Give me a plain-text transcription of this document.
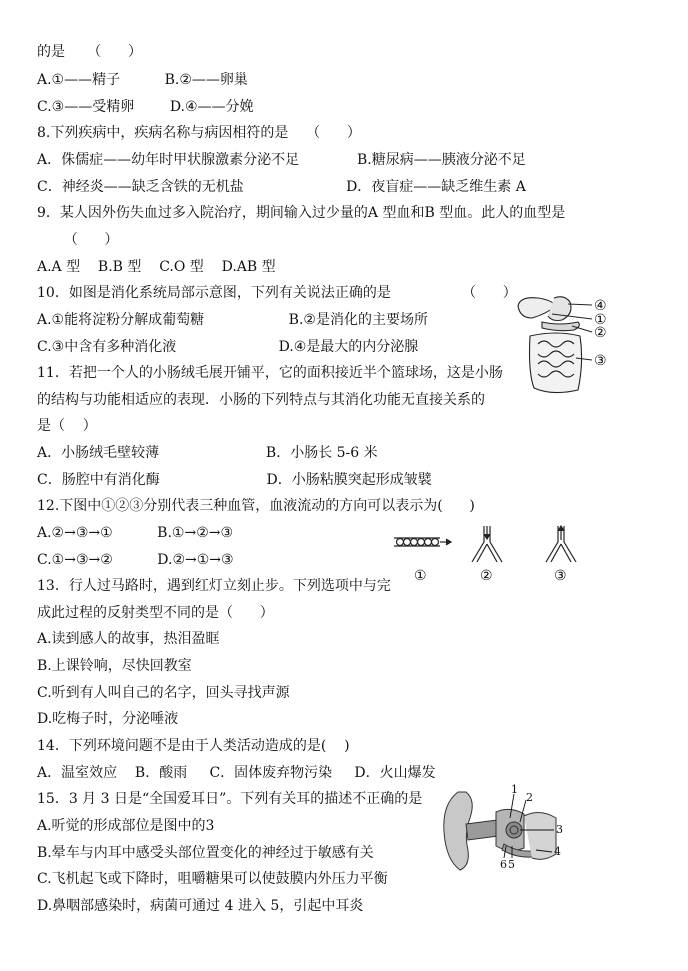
的是     （      ）
A.①——精子          B.②——卵巢
C.③——受精卵        D.④——分娩
8.下列疾病中，疾病名称与病因相符的是    （      ）
A．侏儒症——幼年时甲状腺激素分泌不足             B.糖尿病——胰液分泌不足
C．神经炎——缺乏含铁的无机盐                       D．夜盲症——缺乏维生素 A
9．某人因外伤失血过多入院治疗，期间输入过少量的A 型血和B 型血。此人的血型是
（      ）
A.A 型    B.B 型    C.O 型    D.AB 型
10．如图是消化系统局部示意图，下列有关说法正确的是                （      ）
A.①能将淀粉分解成葡萄糖                   B.②是消化的主要场所
C.③中含有多种消化液                       D.④是最大的内分泌腺
11．若把一个人的小肠绒毛展开铺平，它的面积接近半个篮球场，这是小肠
的结构与功能相适应的表现．小肠的下列特点与其消化功能无直接关系的
是（    ）
A．小肠绒毛壁较薄                        B．小肠长 5-6 米
C．肠腔中有消化酶                        D．小肠粘膜突起形成皱襞
12.下图中①②③分别代表三种血管，血液流动的方向可以表示为(      )
A.②→③→①          B.①→②→③
C.①→③→②          D.②→①→③
13．行人过马路时，遇到红灯立刻止步。下列选项中与完
成此过程的反射类型不同的是（      ）
A.读到感人的故事，热泪盈眶
B.上课铃响，尽快回教室
C.听到有人叫自己的名字，回头寻找声源
D.吃梅子时，分泌唾液
14．下列环境问题不是由于人类活动造成的是(    )
A．温室效应    B．酸雨     C．固体废弃物污染     D．火山爆发
15．3 月 3 日是“全国爱耳日”。下列有关耳的描述不正确的是
A.听觉的形成部位是图中的3
B.晕车与内耳中感受头部位置变化的神经过于敏感有关
C.飞机起飞或下降时，咀嚼糖果可以使鼓膜内外压力平衡
D.鼻咽部感染时，病菌可通过 4 进入 5，引起中耳炎
④
①
②
③
①	②	③
1
2
3
4
6 5
